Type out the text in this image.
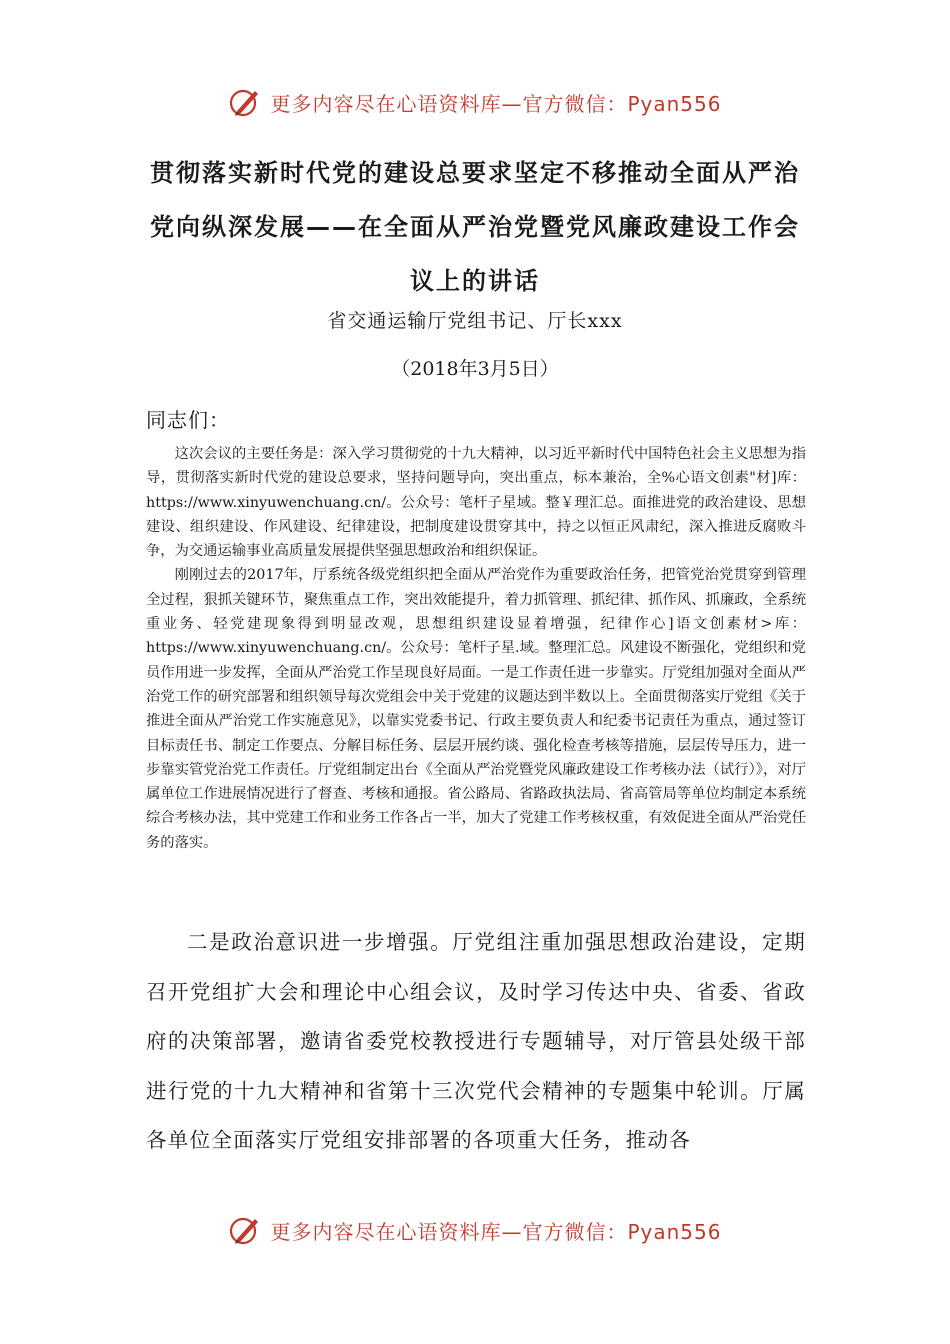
更多内容尽在心语资料库—官方微信：Pyan556
贯彻落实新时代党的建设总要求坚定不移推动全面从严治党向纵深发展——在全面从严治党暨党风廉政建设工作会议上的讲话
省交通运输厅党组书记、厅长xxx
（2018年3月5日）
同志们：

这次会议的主要任务是：深入学习贯彻党的十九大精神，以习近平新时代中国特色社会主义思想为指导，贯彻落实新时代党的建设总要求，坚持问题导向，突出重点，标本兼治，全%心语文创素"材]库：https://www.xinyuwenchuang.cn/。公众号：笔杆子星域。整￥理汇总。面推进党的政治建设、思想建设、组织建设、作风建设、纪律建设，把制度建设贯穿其中，持之以恒正风肃纪，深入推进反腐败斗争，为交通运输事业高质量发展提供坚强思想政治和组织保证。

刚刚过去的2017年，厅系统各级党组织把全面从严治党作为重要政治任务，把管党治党贯穿到管理全过程，狠抓关键环节，聚焦重点工作，突出效能提升，着力抓管理、抓纪律、抓作风、抓廉政，全系统重业务、轻党建现象得到明显改观，思想组织建设显着增强，纪律作心]语文创素材>库：https://www.xinyuwenchuang.cn/。公众号：笔杆子星.域。整理汇总。风建设不断强化，党组织和党员作用进一步发挥，全面从严治党工作呈现良好局面。一是工作责任进一步靠实。厅党组加强对全面从严治党工作的研究部署和组织领导每次党组会中关于党建的议题达到半数以上。全面贯彻落实厅党组《关于推进全面从严治党工作实施意见》，以靠实党委书记、行政主要负责人和纪委书记责任为重点，通过签订目标责任书、制定工作要点、分解目标任务、层层开展约谈、强化检查考核等措施，层层传导压力，进一步靠实管党治党工作责任。厅党组制定出台《全面从严治党暨党风廉政建设工作考核办法（试行）》，对厅属单位工作进展情况进行了督查、考核和通报。省公路局、省路政执法局、省高管局等单位均制定本系统综合考核办法，其中党建工作和业务工作各占一半，加大了党建工作考核权重，有效促进全面从严治党任务的落实。

二是政治意识进一步增强。厅党组注重加强思想政治建设，定期召开党组扩大会和理论中心组会议，及时学习传达中央、省委、省政府的决策部署，邀请省委党校教授进行专题辅导，对厅管县处级干部进行党的十九大精神和省第十三次党代会精神的专题集中轮训。厅属各单位全面落实厅党组安排部署的各项重大任务，推动各

更多内容尽在心语资料库—官方微信：Pyan556
